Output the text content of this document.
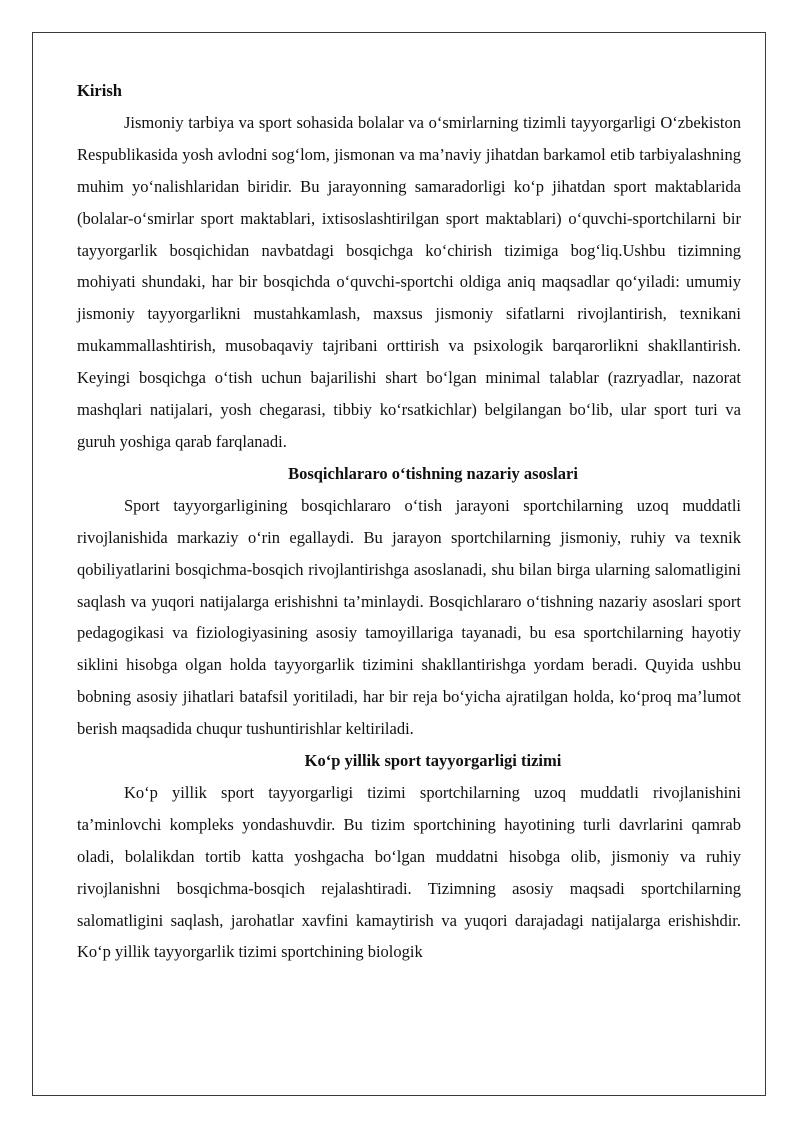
Kirish

Jismoniy tarbiya va sport sohasida bolalar va o‘smirlarning tizimli tayyorgarligi O‘zbekiston Respublikasida yosh avlodni sog‘lom, jismonan va ma’naviy jihatdan barkamol etib tarbiyalashning muhim yo‘nalishlaridan biridir. Bu jarayonning samaradorligi ko‘p jihatdan sport maktablarida (bolalar-o‘smirlar sport maktablari, ixtisoslashtirilgan sport maktablari) o‘quvchi-sportchilarni bir tayyorgarlik bosqichidan navbatdagi bosqichga ko‘chirish tizimiga bog‘liq.Ushbu tizimning mohiyati shundaki, har bir bosqichda o‘quvchi-sportchi oldiga aniq maqsadlar qo‘yiladi: umumiy jismoniy tayyorgarlikni mustahkamlash, maxsus jismoniy sifatlarni rivojlantirish, texnikani mukammallashtirish, musobaqaviy tajribani orttirish va psixologik barqarorlikni shakllantirish. Keyingi bosqichga o‘tish uchun bajarilishi shart bo‘lgan minimal talablar (razryadlar, nazorat mashqlari natijalari, yosh chegarasi, tibbiy ko‘rsatkichlar) belgilangan bo‘lib, ular sport turi va guruh yoshiga qarab farqlanadi.

Bosqichlararo o‘tishning nazariy asoslari

Sport tayyorgarligining bosqichlararo o‘tish jarayoni sportchilarning uzoq muddatli rivojlanishida markaziy o‘rin egallaydi. Bu jarayon sportchilarning jismoniy, ruhiy va texnik qobiliyatlarini bosqichma-bosqich rivojlantirishga asoslanadi, shu bilan birga ularning salomatligini saqlash va yuqori natijalarga erishishni ta’minlaydi. Bosqichlararo o‘tishning nazariy asoslari sport pedagogikasi va fiziologiyasining asosiy tamoyillariga tayanadi, bu esa sportchilarning hayotiy siklini hisobga olgan holda tayyorgarlik tizimini shakllantirishga yordam beradi. Quyida ushbu bobning asosiy jihatlari batafsil yoritiladi, har bir reja bo‘yicha ajratilgan holda, ko‘proq ma’lumot berish maqsadida chuqur tushuntirishlar keltiriladi.

Ko‘p yillik sport tayyorgarligi tizimi

Ko‘p yillik sport tayyorgarligi tizimi sportchilarning uzoq muddatli rivojlanishini ta’minlovchi kompleks yondashuvdir. Bu tizim sportchining hayotining turli davrlarini qamrab oladi, bolalikdan tortib katta yoshgacha bo‘lgan muddatni hisobga olib, jismoniy va ruhiy rivojlanishni bosqichma-bosqich rejalashtiradi. Tizimning asosiy maqsadi sportchilarning salomatligini saqlash, jarohatlar xavfini kamaytirish va yuqori darajadagi natijalarga erishishdir. Ko‘p yillik tayyorgarlik tizimi sportchining biologik
